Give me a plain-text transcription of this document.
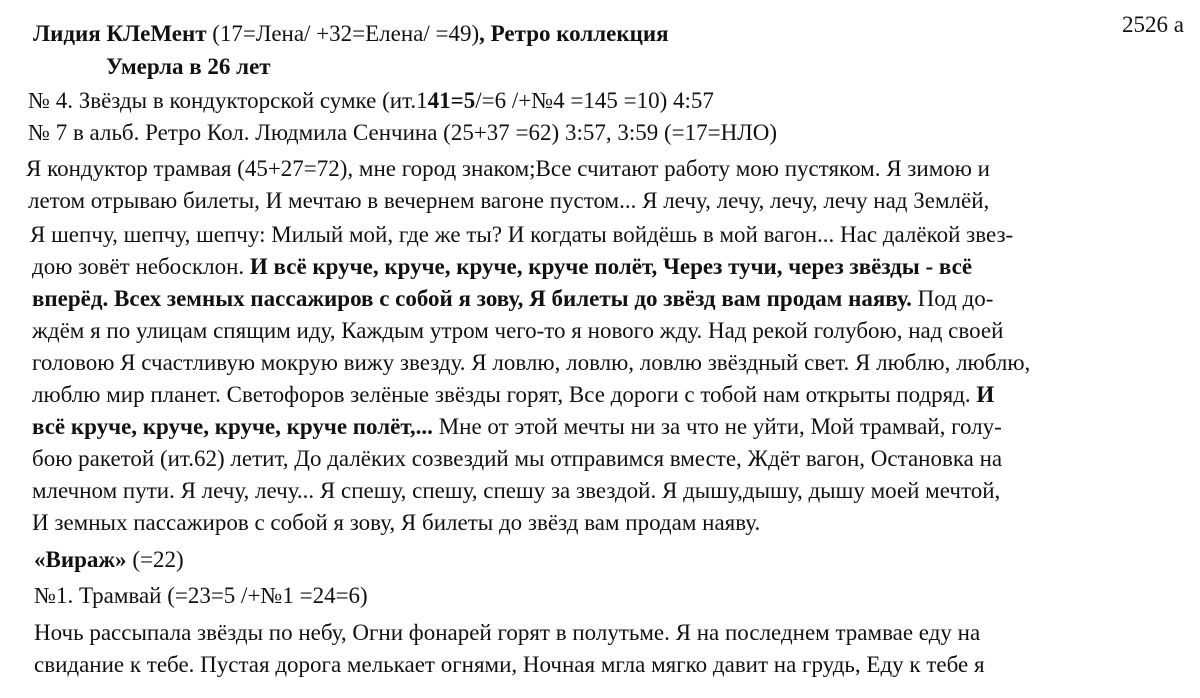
2526 a
Лидия КЛеМент (17=Лена/ +32=Елена/ =49), Ретро коллекция
Умерла в 26 лет
№ 4. Звёзды в кондукторской сумке (ит.141=5/=6 /+№4 =145 =10) 4:57
№ 7 в альб. Ретро Кол. Людмила Сенчина (25+37 =62) 3:57, 3:59 (=17=НЛО)
Я кондуктор трамвая (45+27=72), мне город знаком;Все считают работу мою пустяком. Я зимою и
летом отрываю билеты, И мечтаю в вечернем вагоне пустом... Я лечу, лечу, лечу, лечу над Землёй,
Я шепчу, шепчу, шепчу: Милый мой, где же ты? И когдаты войдёшь в мой вагон... Нас далёкой звез-
дою зовёт небосклон. И всё круче, круче, круче, круче полёт, Через тучи, через звёзды - всё
вперёд. Всех земных пассажиров с собой я зову, Я билеты до звёзд вам продам наяву. Под до-
ждём я по улицам спящим иду, Каждым утром чего-то я нового жду. Над рекой голубою, над своей
головою Я счастливую мокрую вижу звезду. Я ловлю, ловлю, ловлю звёздный свет. Я люблю, люблю,
люблю мир планет. Светофоров зелёные звёзды горят, Все дороги с тобой нам открыты подряд. И
всё круче, круче, круче, круче полёт,... Мне от этой мечты ни за что не уйти, Мой трамвай, голу-
бою ракетой (ит.62) летит, До далёких созвездий мы отправимся вместе, Ждёт вагон, Остановка на
млечном пути. Я лечу, лечу... Я спешу, спешу, спешу за звездой. Я дышу,дышу, дышу моей мечтой,
И земных пассажиров с собой я зову, Я билеты до звёзд вам продам наяву.
«Вираж» (=22)
№1. Трамвай (=23=5 /+№1 =24=6)
Ночь рассыпала звёзды по небу, Огни фонарей горят в полутьме. Я на последнем трамвае еду на
свидание к тебе. Пустая дорога мелькает огнями, Ночная мгла мягко давит на грудь, Еду к тебе я
